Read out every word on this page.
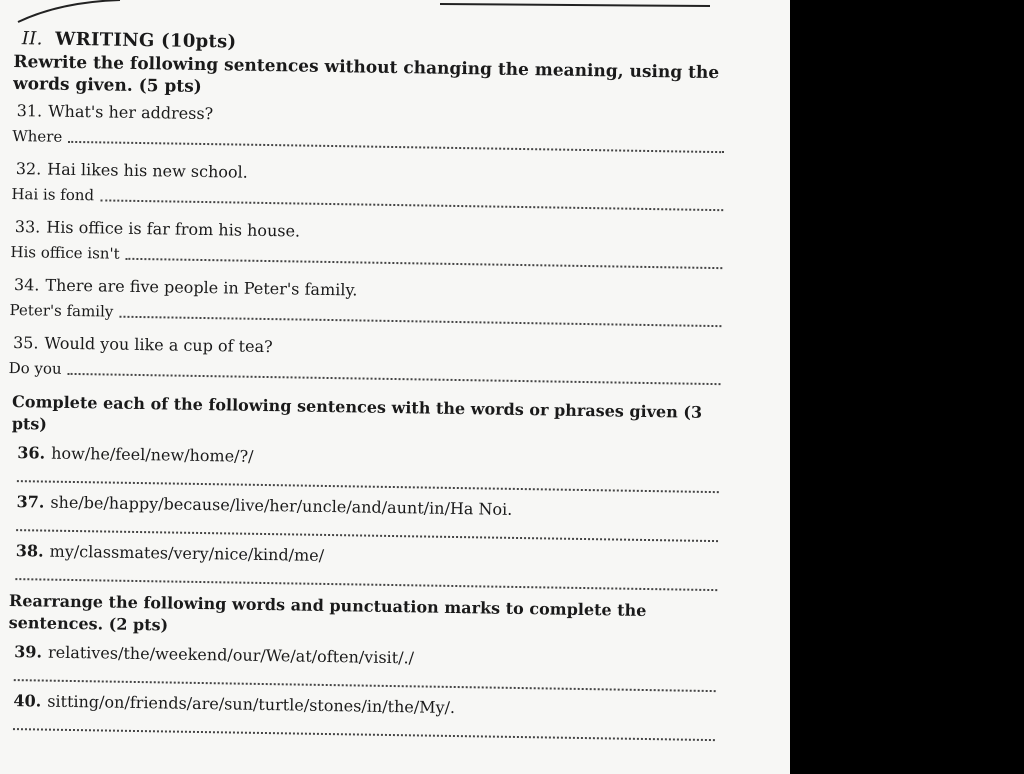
II. WRITING (10pts)
Rewrite the following sentences without changing the meaning, using the words given. (5 pts)
31. What's her address?
Where
32. Hai likes his new school.
Hai is fond
33. His office is far from his house.
His office isn't
34. There are five people in Peter's family.
Peter's family
35. Would you like a cup of tea?
Do you
Complete each of the following sentences with the words or phrases given (3 pts)
36. how/he/feel/new/home/?/
37. she/be/happy/because/live/her/uncle/and/aunt/in/Ha Noi.
38. my/classmates/very/nice/kind/me/
Rearrange the following words and punctuation marks to complete the sentences. (2 pts)
39. relatives/the/weekend/our/We/at/often/visit/./
40. sitting/on/friends/are/sun/turtle/stones/in/the/My/.
